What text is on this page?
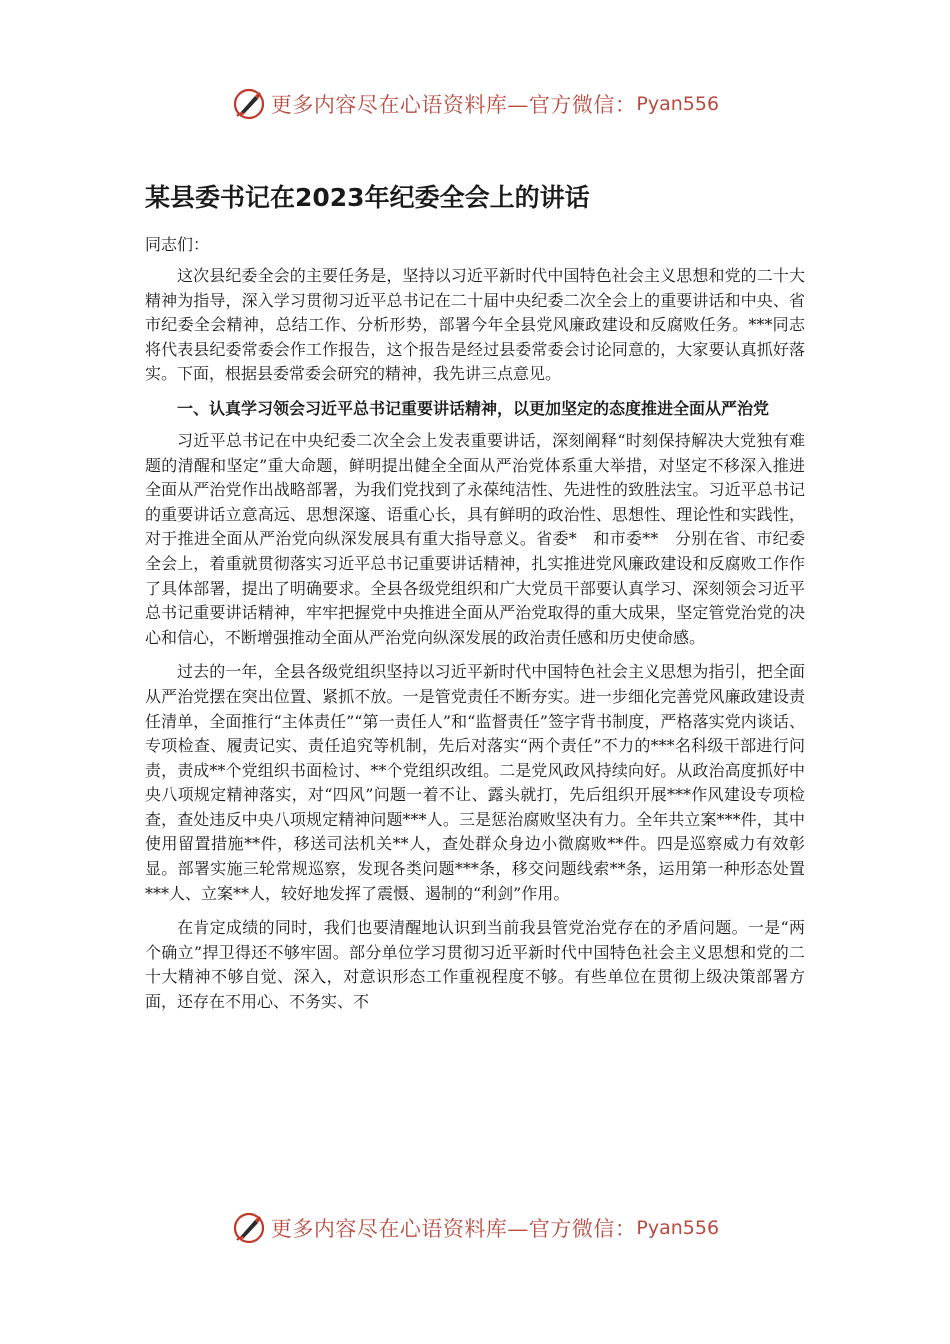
更多内容尽在心语资料库—官方微信： Pyan556
某县委书记在2023年纪委全会上的讲话

同志们：

这次县纪委全会的主要任务是，坚持以习近平新时代中国特色社会主义思想和党的二十大精神为指导，深入学习贯彻习近平总书记在二十届中央纪委二次全会上的重要讲话和中央、省市纪委全会精神，总结工作、分析形势，部署今年全县党风廉政建设和反腐败任务。***同志将代表县纪委常委会作工作报告，这个报告是经过县委常委会讨论同意的，大家要认真抓好落实。下面，根据县委常委会研究的精神，我先讲三点意见。

一、认真学习领会习近平总书记重要讲话精神，以更加坚定的态度推进全面从严治党

习近平总书记在中央纪委二次全会上发表重要讲话，深刻阐释“时刻保持解决大党独有难题的清醒和坚定”重大命题，鲜明提出健全全面从严治党体系重大举措，对坚定不移深入推进全面从严治党作出战略部署，为我们党找到了永葆纯洁性、先进性的致胜法宝。习近平总书记的重要讲话立意高远、思想深邃、语重心长，具有鲜明的政治性、思想性、理论性和实践性，对于推进全面从严治党向纵深发展具有重大指导意义。省委*　和市委**　分别在省、市纪委全会上，着重就贯彻落实习近平总书记重要讲话精神，扎实推进党风廉政建设和反腐败工作作了具体部署，提出了明确要求。全县各级党组织和广大党员干部要认真学习、深刻领会习近平总书记重要讲话精神，牢牢把握党中央推进全面从严治党取得的重大成果，坚定管党治党的决心和信心，不断增强推动全面从严治党向纵深发展的政治责任感和历史使命感。

过去的一年，全县各级党组织坚持以习近平新时代中国特色社会主义思想为指引，把全面从严治党摆在突出位置、紧抓不放。一是管党责任不断夯实。进一步细化完善党风廉政建设责任清单，全面推行“主体责任”“第一责任人”和“监督责任”签字背书制度，严格落实党内谈话、专项检查、履责记实、责任追究等机制，先后对落实“两个责任”不力的***名科级干部进行问责，责成**个党组织书面检讨、**个党组织改组。二是党风政风持续向好。从政治高度抓好中央八项规定精神落实，对“四风”问题一着不让、露头就打，先后组织开展***作风建设专项检查，查处违反中央八项规定精神问题***人。三是惩治腐败坚决有力。全年共立案***件，其中使用留置措施**件，移送司法机关**人，查处群众身边小微腐败**件。四是巡察威力有效彰显。部署实施三轮常规巡察，发现各类问题***条，移交问题线索**条，运用第一种形态处置***人、立案**人，较好地发挥了震慑、遏制的“利剑”作用。

在肯定成绩的同时，我们也要清醒地认识到当前我县管党治党存在的矛盾问题。一是“两个确立”捍卫得还不够牢固。部分单位学习贯彻习近平新时代中国特色社会主义思想和党的二十大精神不够自觉、深入，对意识形态工作重视程度不够。有些单位在贯彻上级决策部署方面，还存在不用心、不务实、不

更多内容尽在心语资料库—官方微信： Pyan556
